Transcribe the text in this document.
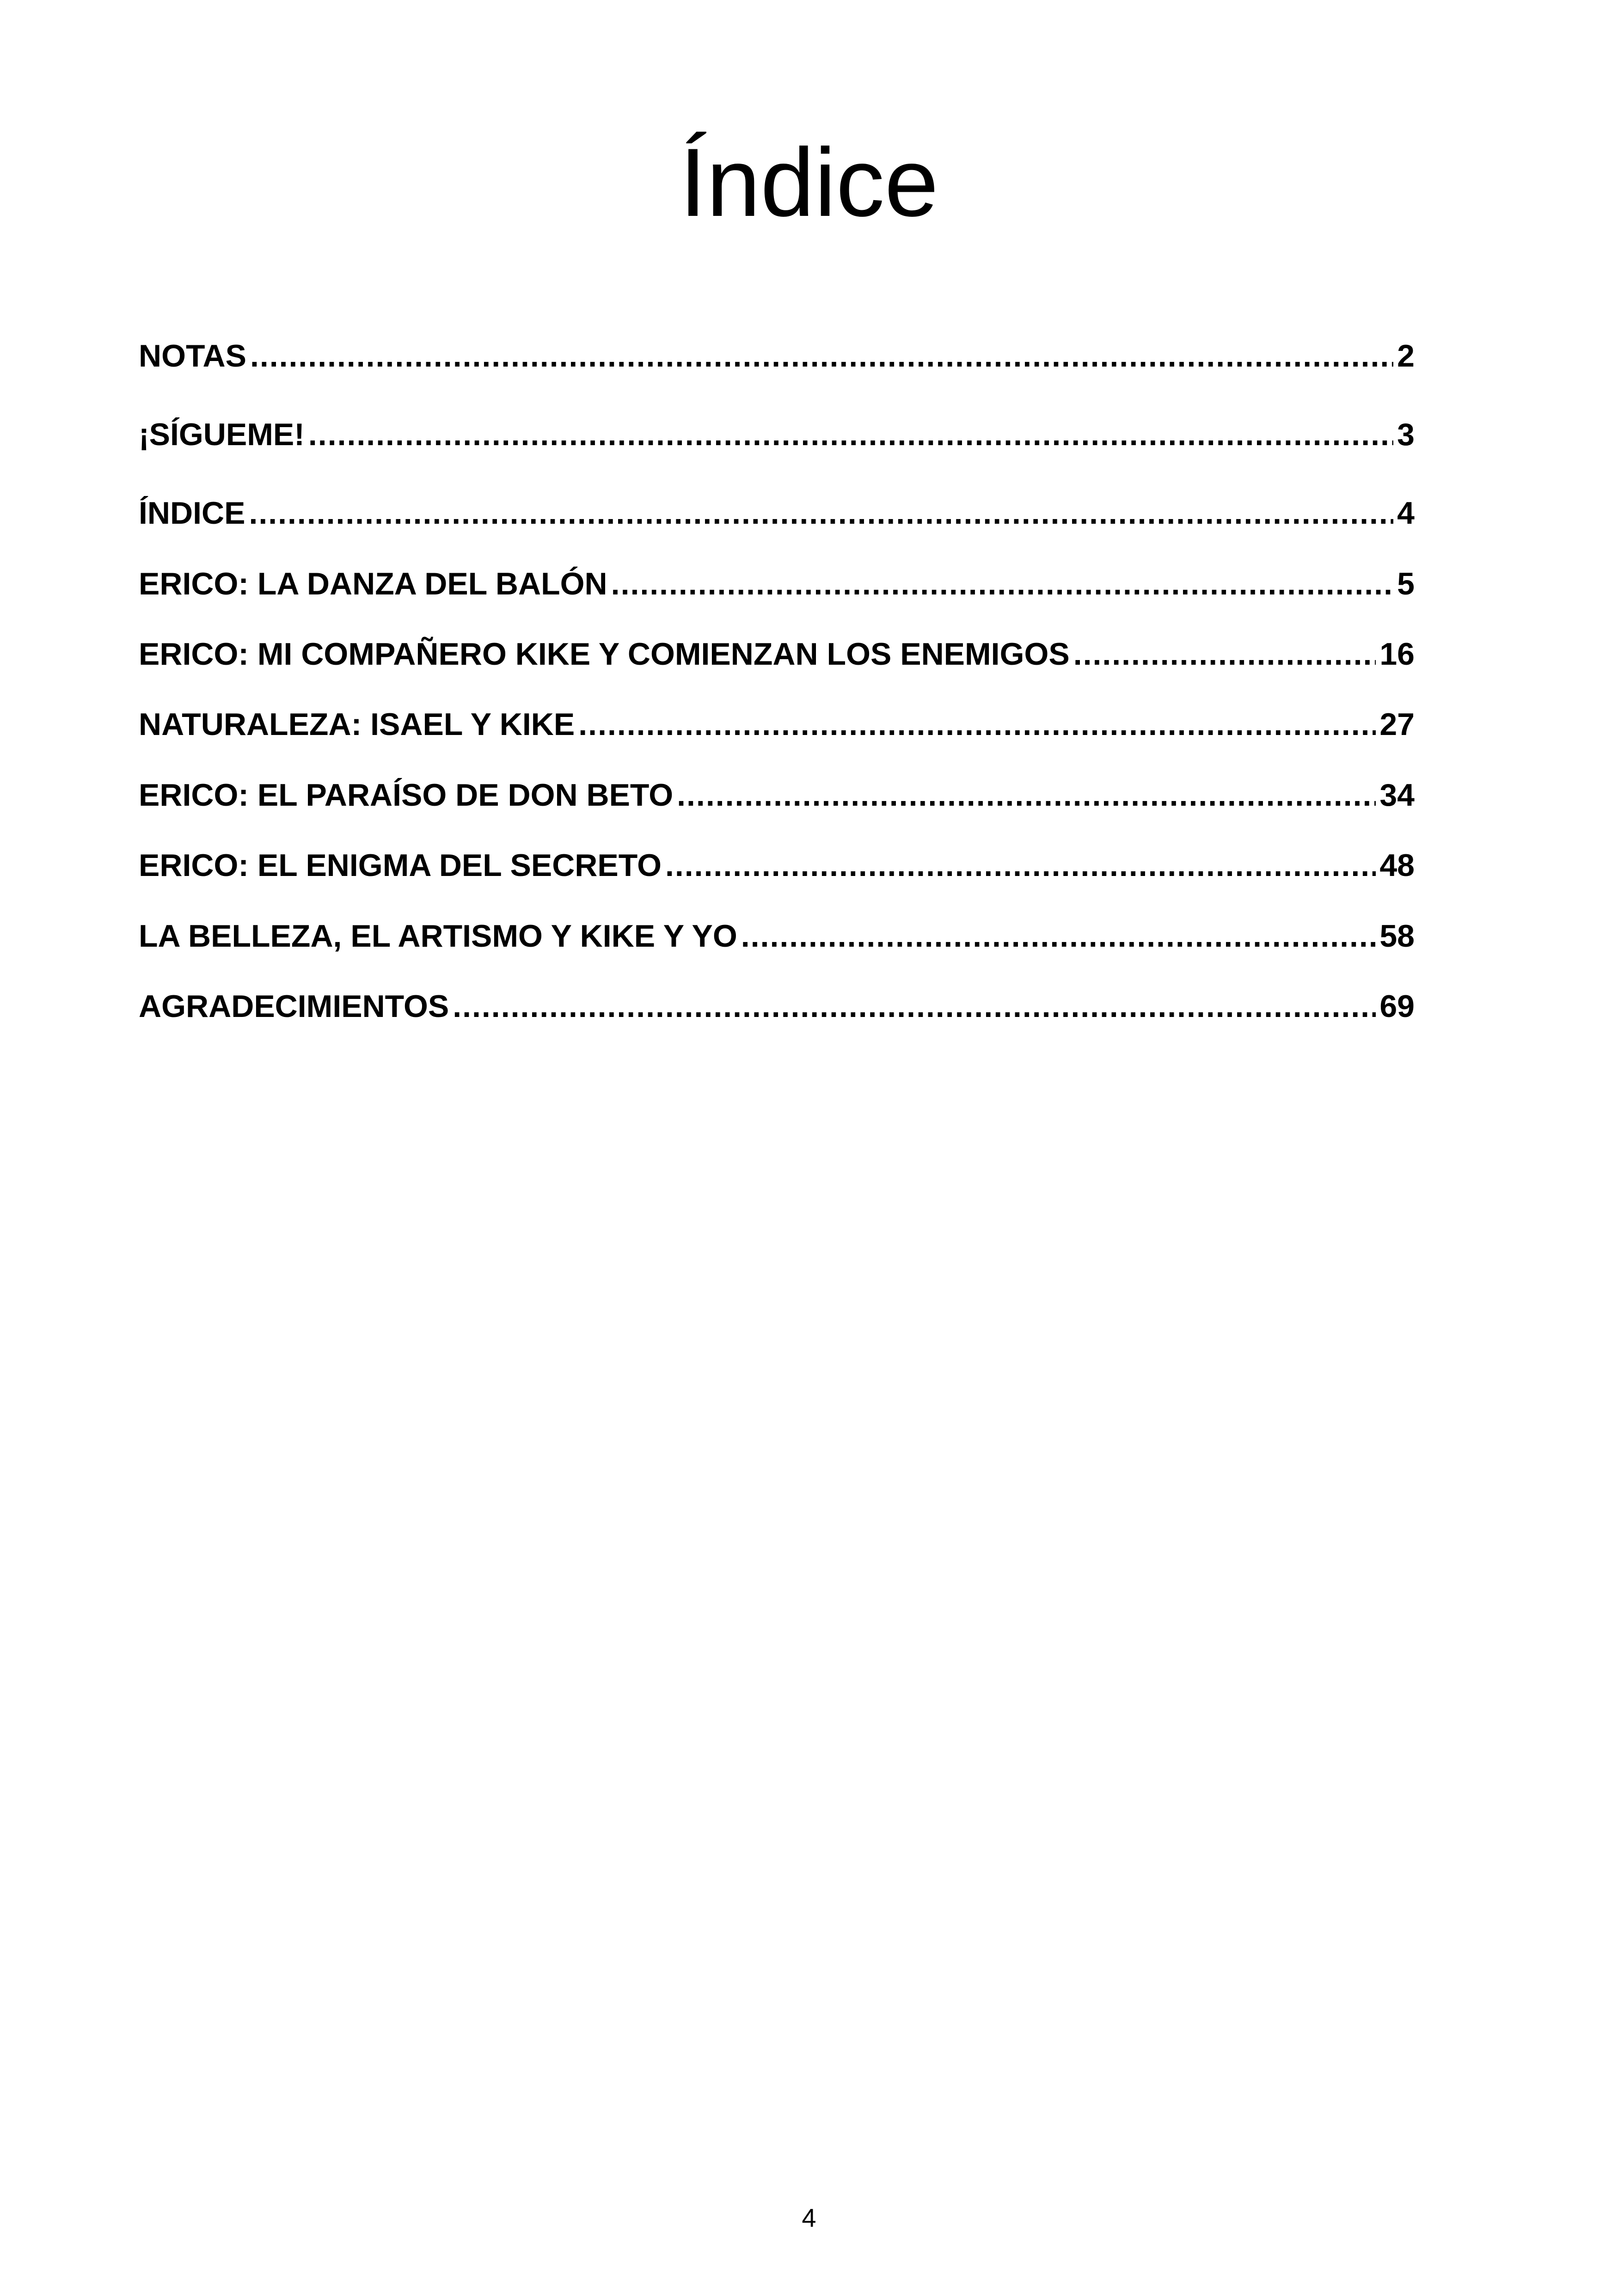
Índice
NOTAS .....	2
¡SÍGUEME! .....	3
ÍNDICE .....	4
ERICO: LA DANZA DEL BALÓN .....	5
ERICO: MI COMPAÑERO KIKE Y COMIENZAN LOS ENEMIGOS .....	16
NATURALEZA: ISAEL Y KIKE .....	27
ERICO: EL PARAÍSO DE DON BETO .....	34
ERICO: EL ENIGMA DEL SECRETO .....	48
LA BELLEZA, EL ARTISMO Y KIKE Y YO .....	58
AGRADECIMIENTOS .....	69
4
